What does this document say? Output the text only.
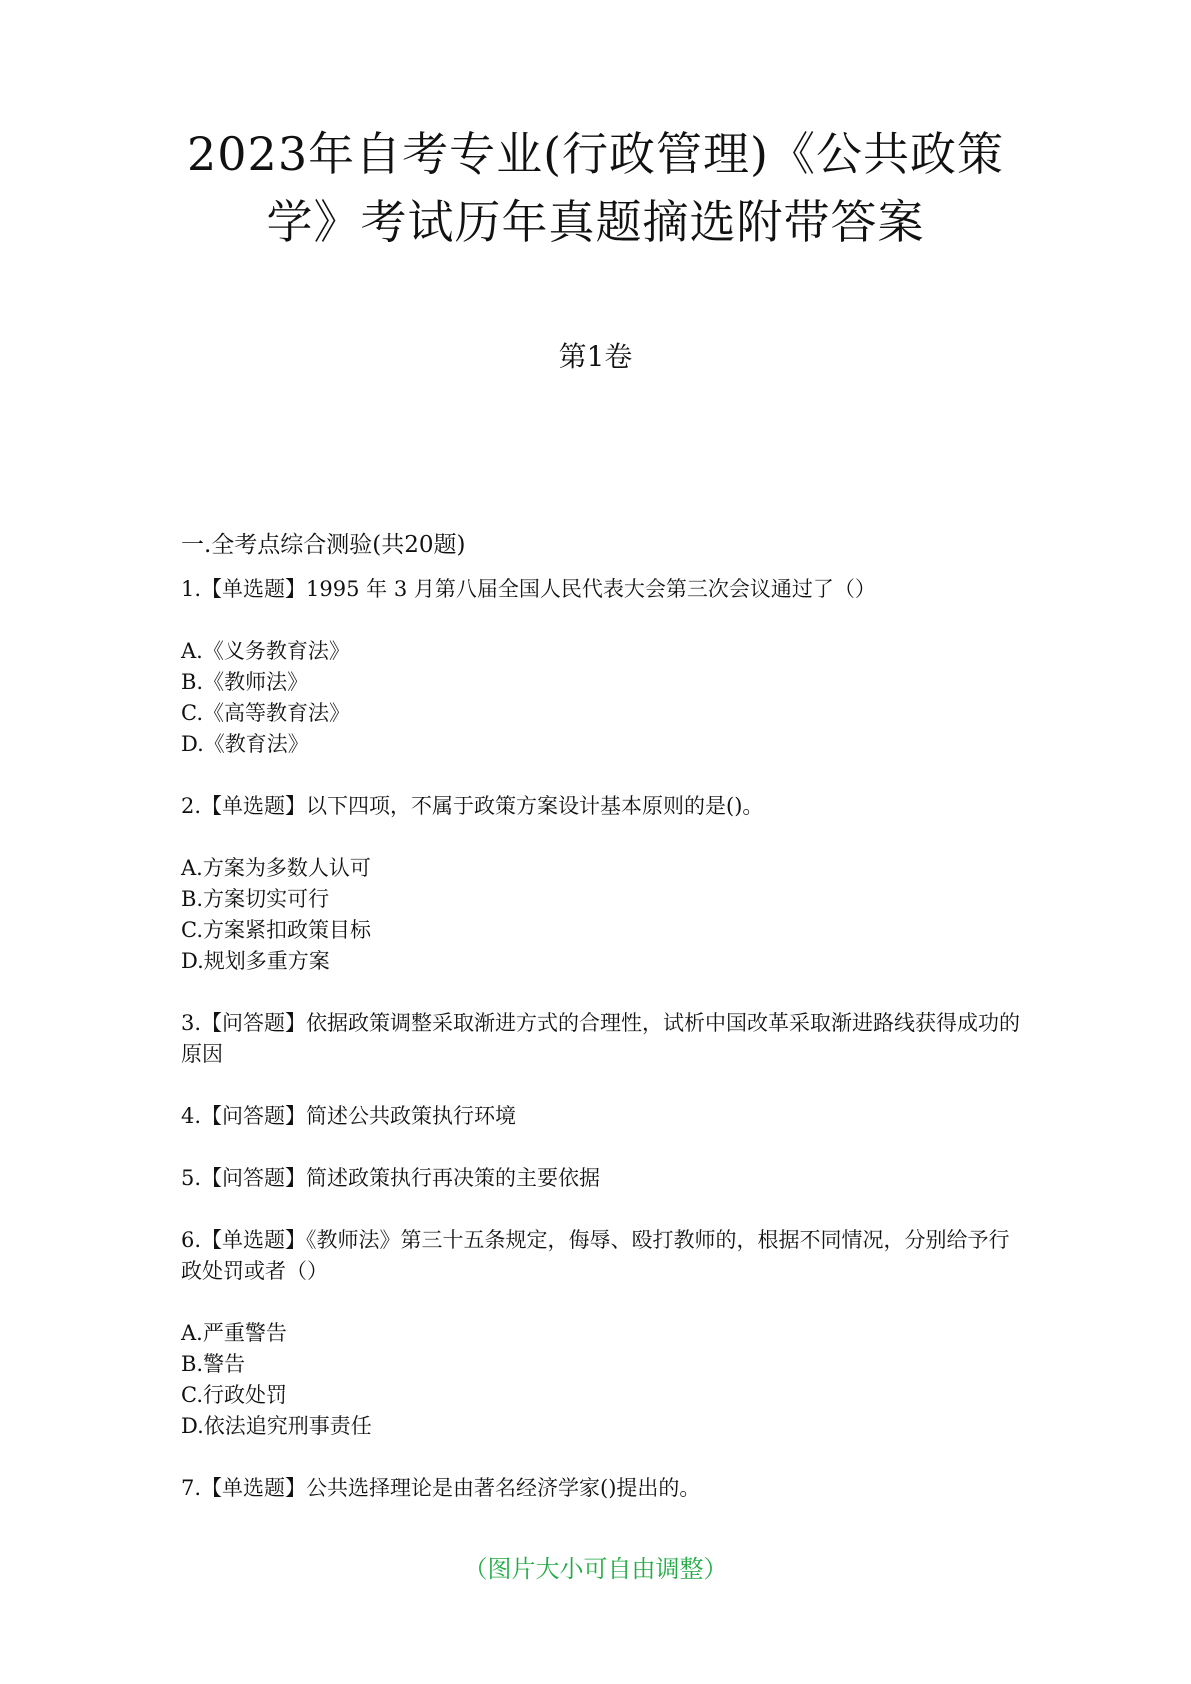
2023年自考专业(行政管理)《公共政策
学》考试历年真题摘选附带答案
第1卷
一.全考点综合测验(共20题)
1.【单选题】1995 年 3 月第八届全国人民代表大会第三次会议通过了（）
A.《义务教育法》
B.《教师法》
C.《高等教育法》
D.《教育法》
2.【单选题】以下四项，不属于政策方案设计基本原则的是()。
A.方案为多数人认可
B.方案切实可行
C.方案紧扣政策目标
D.规划多重方案
3.【问答题】依据政策调整采取渐进方式的合理性，试析中国改革采取渐进路线获得成功的原因
4.【问答题】简述公共政策执行环境
5.【问答题】简述政策执行再决策的主要依据
6.【单选题】《教师法》第三十五条规定，侮辱、殴打教师的，根据不同情况，分别给予行政处罚或者（）
A.严重警告
B.警告
C.行政处罚
D.依法追究刑事责任
7.【单选题】公共选择理论是由著名经济学家()提出的。
（图片大小可自由调整）
